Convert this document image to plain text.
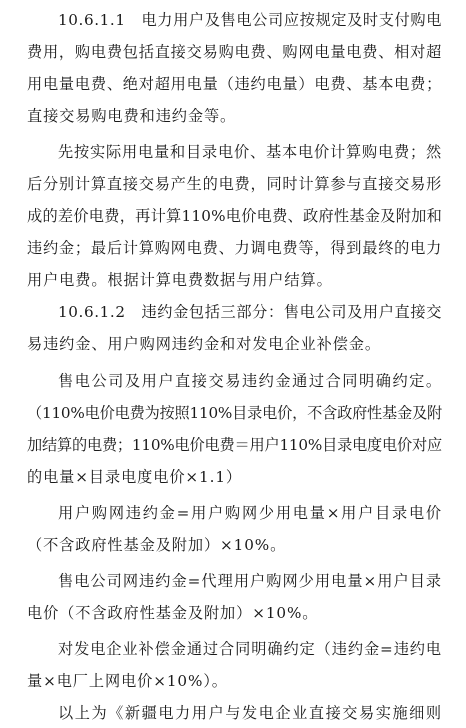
10.6.1.1　电力用户及售电公司应按规定及时支付购电
费用，购电费包括直接交易购电费、购网电量电费、相对超
用电量电费、绝对超用电量（违约电量）电费、基本电费；
直接交易购电费和违约金等。
先按实际用电量和目录电价、基本电价计算购电费；然
后分别计算直接交易产生的电费，同时计算参与直接交易形
成的差价电费，再计算110%电价电费、政府性基金及附加和
违约金；最后计算购网电费、力调电费等，得到最终的电力
用户电费。根据计算电费数据与用户结算。
10.6.1.2　违约金包括三部分：售电公司及用户直接交
易违约金、用户购网违约金和对发电企业补偿金。
售电公司及用户直接交易违约金通过合同明确约定。
（110%电价电费为按照110%目录电价，不含政府性基金及附
加结算的电费；110%电价电费＝用户110%目录电度电价对应
的电量×目录电度电价×1.1）
用户购网违约金=用户购网少用电量×用户目录电价
（不含政府性基金及附加）×10%。
售电公司网违约金=代理用户购网少用电量×用户目录
电价（不含政府性基金及附加）×10%。
对发电企业补偿金通过合同明确约定（违约金=违约电
量×电厂上网电价×10%）。
以上为《新疆电力用户与发电企业直接交易实施细则
